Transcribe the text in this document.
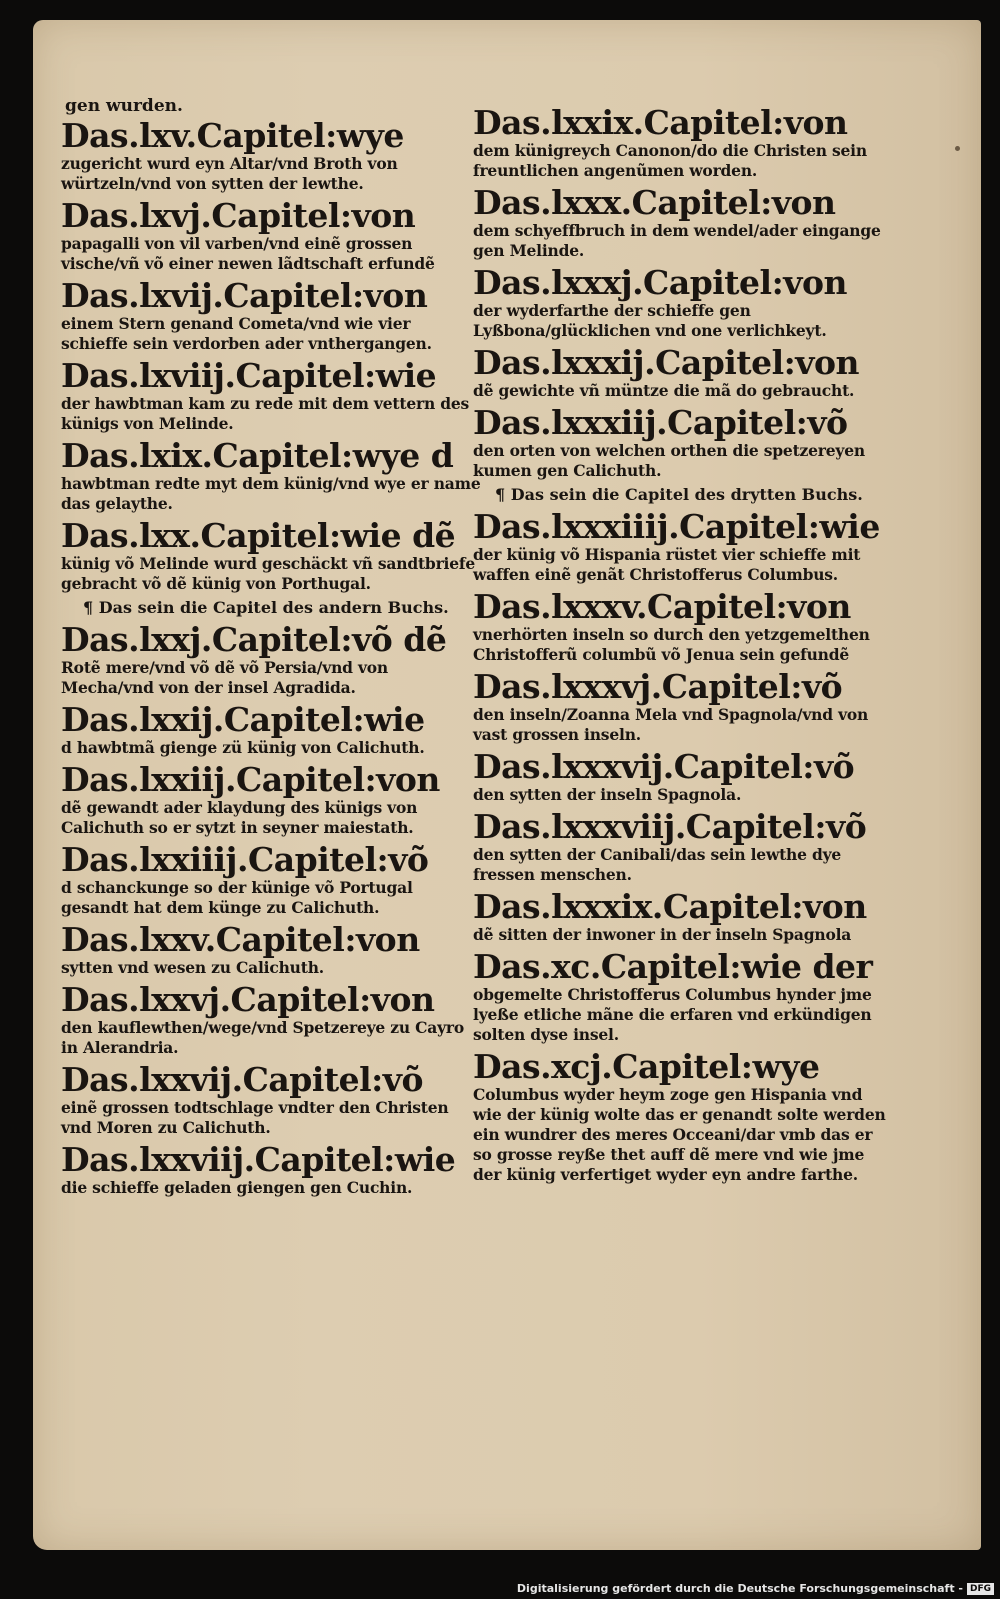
gen wurden.

Das.lxv.Capitel:wye

zugericht wurd eyn Altar/vnd Broth von würtzeln/vnd von sytten der lewthe.

Das.lxvj.Capitel:von

papagalli von vil varben/vnd einẽ grossen vische/vñ võ einer newen lãdtschaft erfundẽ

Das.lxvij.Capitel:von

einem Stern genand Cometa/vnd wie vier schieffe sein verdorben ader vnthergangen.

Das.lxviij.Capitel:wie

der hawbtman kam zu rede mit dem vettern des künigs von Melinde.

Das.lxix.Capitel:wye d

hawbtman redte myt dem künig/vnd wye er name das gelaythe.

Das.lxx.Capitel:wie dẽ

künig võ Melinde wurd geschäckt vñ sandtbriefe gebracht võ dẽ künig von Porthugal.

¶ Das sein die Capitel des andern Buchs.

Das.lxxj.Capitel:võ dẽ

Rotẽ mere/vnd võ dẽ võ Persia/vnd von Mecha/vnd von der insel Agradida.

Das.lxxij.Capitel:wie

d hawbtmã gienge zü künig von Calichuth.

Das.lxxiij.Capitel:von

dẽ gewandt ader klaydung des künigs von Calichuth so er sytzt in seyner maiestath.

Das.lxxiiij.Capitel:võ

d schanckunge so der künige võ Portugal gesandt hat dem künge zu Calichuth.

Das.lxxv.Capitel:von

sytten vnd wesen zu Calichuth.

Das.lxxvj.Capitel:von

den kauflewthen/wege/vnd Spetzereye zu Cayro in Alerandria.

Das.lxxvij.Capitel:võ

einẽ grossen todtschlage vndter den Christen vnd Moren zu Calichuth.

Das.lxxviij.Capitel:wie

die schieffe geladen giengen gen Cuchin.

Das.lxxix.Capitel:von

dem künigreych Canonon/do die Christen sein freuntlichen angenũmen worden.

Das.lxxx.Capitel:von

dem schyeffbruch in dem wendel/ader eingange gen Melinde.

Das.lxxxj.Capitel:von

der wyderfarthe der schieffe gen Lyßbona/glücklichen vnd one verlichkeyt.

Das.lxxxij.Capitel:von

dẽ gewichte vñ müntze die mã do gebraucht.

Das.lxxxiij.Capitel:võ

den orten von welchen orthen die spetzereyen kumen gen Calichuth.

¶ Das sein die Capitel des drytten Buchs.

Das.lxxxiiij.Capitel:wie

der künig võ Hispania rüstet vier schieffe mit waffen einẽ genãt Christofferus Columbus.

Das.lxxxv.Capitel:von

vnerhörten inseln so durch den yetzgemelthen Christofferũ columbũ võ Jenua sein gefundẽ

Das.lxxxvj.Capitel:võ

den inseln/Zoanna Mela vnd Spagnola/vnd von vast grossen inseln.

Das.lxxxvij.Capitel:võ

den sytten der inseln Spagnola.

Das.lxxxviij.Capitel:võ

den sytten der Canibali/das sein lewthe dye fressen menschen.

Das.lxxxix.Capitel:von

dẽ sitten der inwoner in der inseln Spagnola

Das.xc.Capitel:wie der

obgemelte Christofferus Columbus hynder jme lyeße etliche mãne die erfaren vnd erkündigen solten dyse insel.

Das.xcj.Capitel:wye

Columbus wyder heym zoge gen Hispania vnd wie der künig wolte das er genandt solte werden ein wundrer des meres Occeani/dar vmb das er so grosse reyße thet auff dẽ mere vnd wie jme der künig verfertiget wyder eyn andre farthe.

Digitalisierung gefördert durch die Deutsche Forschungsgemeinschaft - DFG
